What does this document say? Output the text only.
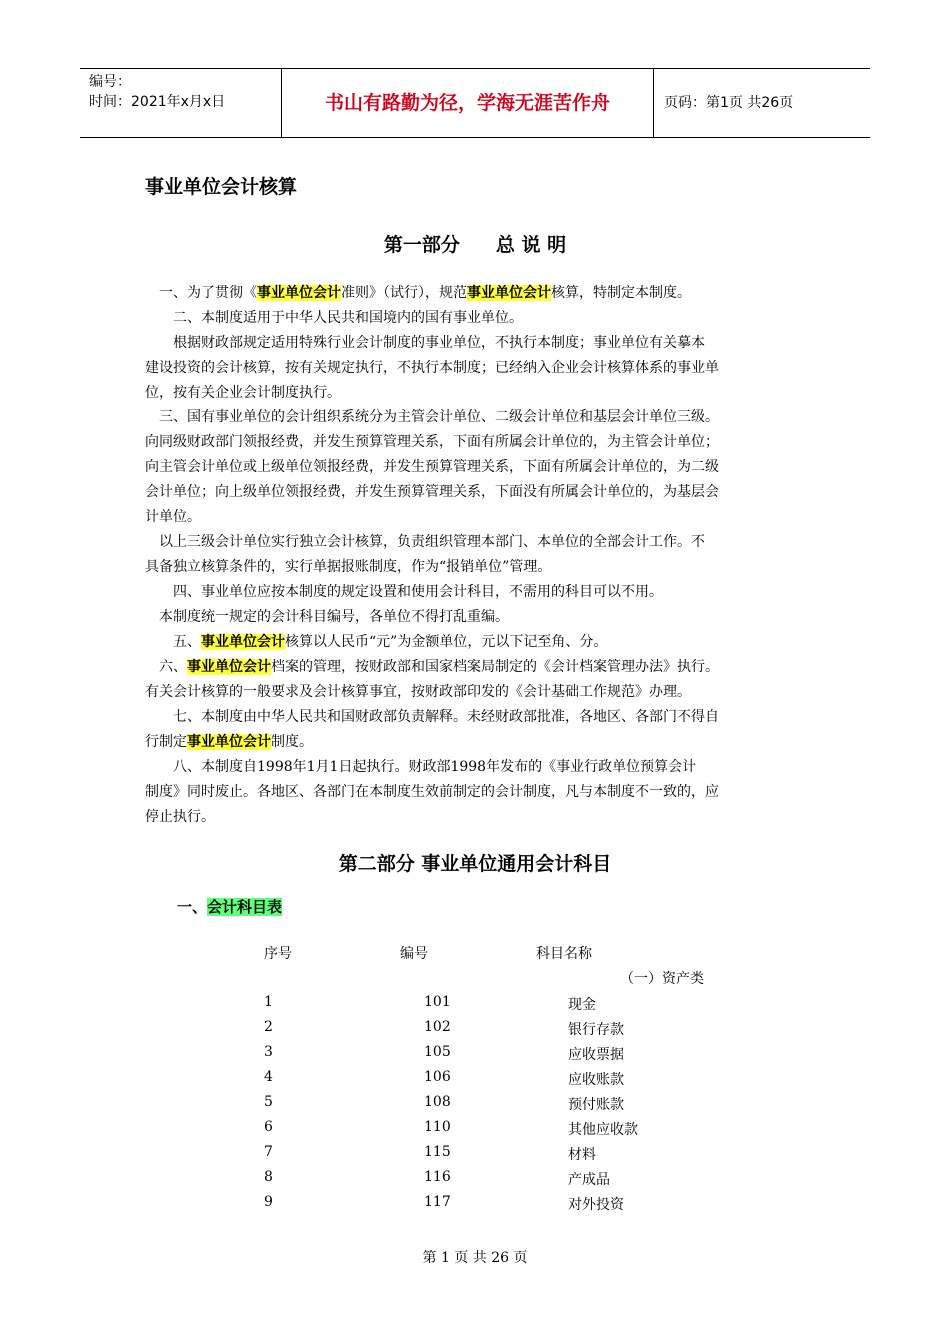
编号：
时间：2021年x月x日	书山有路勤为径，学海无涯苦作舟	页码：第1页 共26页
事业单位会计核算
第一部分 总 说 明
　一、为了贯彻《事业单位会计准则》（试行），规范事业单位会计核算，特制定本制度。
　　二、本制度适用于中华人民共和国境内的国有事业单位。
　　根据财政部规定适用特殊行业会计制度的事业单位，不执行本制度；事业单位有关摹本
建设投资的会计核算，按有关规定执行，不执行本制度；已经纳入企业会计核算体系的事业单
位，按有关企业会计制度执行。
　三、国有事业单位的会计组织系统分为主管会计单位、二级会计单位和基层会计单位三级。
向同级财政部门领报经费，并发生预算管理关系，下面有所属会计单位的，为主管会计单位；
向主管会计单位或上级单位领报经费，并发生预算管理关系，下面有所属会计单位的，为二级
会计单位；向上级单位领报经费，并发生预算管理关系，下面没有所属会计单位的，为基层会
计单位。
　以上三级会计单位实行独立会计核算，负责组织管理本部门、本单位的全部会计工作。不
具备独立核算条件的，实行单据报账制度，作为“报销单位”管理。
　　四、事业单位应按本制度的规定设置和使用会计科目，不需用的科目可以不用。
　本制度统一规定的会计科目编号，各单位不得打乱重编。
　　五、事业单位会计核算以人民币“元”为金额单位，元以下记至角、分。
　六、事业单位会计档案的管理，按财政部和国家档案局制定的《会计档案管理办法》执行。
有关会计核算的一般要求及会计核算事宜，按财政部印发的《会计基础工作规范》办理。
　　七、本制度由中华人民共和国财政部负责解释。未经财政部批准，各地区、各部门不得自
行制定事业单位会计制度。
　　八、本制度自1998年1月1日起执行。财政部1998年发布的《事业行政单位预算会计
制度》同时废止。各地区、各部门在本制度生效前制定的会计制度，凡与本制度不一致的，应
停止执行。
第二部分 事业单位通用会计科目
一、会计科目表
序号	编号	科目名称
（一）资产类
1	101	现金
2	102	银行存款
3	105	应收票据
4	106	应收账款
5	108	预付账款
6	110	其他应收款
7	115	材料
8	116	产成品
9	117	对外投资
第 1 页 共 26 页
